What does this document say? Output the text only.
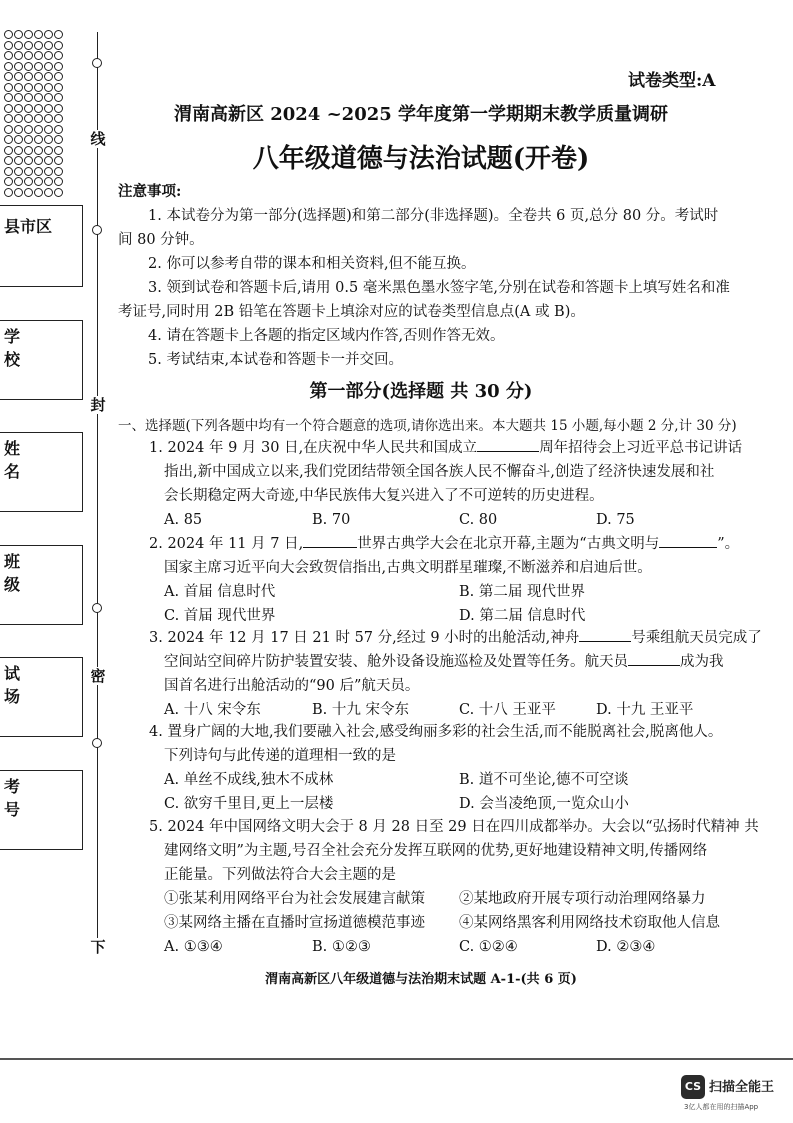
线
封
密
下
县市区
学校
姓名
班级
试场
考号
试卷类型:A
渭南高新区 2024 ~2025 学年度第一学期期末教学质量调研
八年级道德与法治试题(开卷)
注意事项:
1. 本试卷分为第一部分(选择题)和第二部分(非选择题)。全卷共 6 页,总分 80 分。考试时
间 80 分钟。
2. 你可以参考自带的课本和相关资料,但不能互换。
3. 领到试卷和答题卡后,请用 0.5 毫米黑色墨水签字笔,分别在试卷和答题卡上填写姓名和准
考证号,同时用 2B 铅笔在答题卡上填涂对应的试卷类型信息点(A 或 B)。
4. 请在答题卡上各题的指定区域内作答,否则作答无效。
5. 考试结束,本试卷和答题卡一并交回。
第一部分(选择题 共 30 分)
一、选择题(下列各题中均有一个符合题意的选项,请你选出来。本大题共 15 小题,每小题 2 分,计 30 分)
1. 2024 年 9 月 30 日,在庆祝中华人民共和国成立	周年招待会上习近平总书记讲话
指出,新中国成立以来,我们党团结带领全国各族人民不懈奋斗,创造了经济快速发展和社
会长期稳定两大奇迹,中华民族伟大复兴进入了不可逆转的历史进程。
A. 85	B. 70	C. 80	D. 75
2. 2024 年 11 月 7 日,	世界古典学大会在北京开幕,主题为“古典文明与	”。
国家主席习近平向大会致贺信指出,古典文明群星璀璨,不断滋养和启迪后世。
A. 首届 信息时代	B. 第二届 现代世界
C. 首届 现代世界	D. 第二届 信息时代
3. 2024 年 12 月 17 日 21 时 57 分,经过 9 小时的出舱活动,神舟	号乘组航天员完成了
空间站空间碎片防护装置安装、舱外设备设施巡检及处置等任务。航天员	成为我
国首名进行出舱活动的“90 后”航天员。
A. 十八 宋令东	B. 十九 宋令东	C. 十八 王亚平	D. 十九 王亚平
4. 置身广阔的大地,我们要融入社会,感受绚丽多彩的社会生活,而不能脱离社会,脱离他人。
下列诗句与此传递的道理相一致的是
A. 单丝不成线,独木不成林	B. 道不可坐论,德不可空谈
C. 欲穷千里目,更上一层楼	D. 会当凌绝顶,一览众山小
5. 2024 年中国网络文明大会于 8 月 28 日至 29 日在四川成都举办。大会以“弘扬时代精神 共
建网络文明”为主题,号召全社会充分发挥互联网的优势,更好地建设精神文明,传播网络
正能量。下列做法符合大会主题的是
①张某利用网络平台为社会发展建言献策 ②某地政府开展专项行动治理网络暴力
③某网络主播在直播时宣扬道德模范事迹 ④某网络黑客利用网络技术窃取他人信息
A. ①③④	B. ①②③	C. ①②④	D. ②③④
渭南高新区八年级道德与法治期末试题 A-1-(共 6 页)
CS 扫描全能王
3亿人都在用的扫描App
